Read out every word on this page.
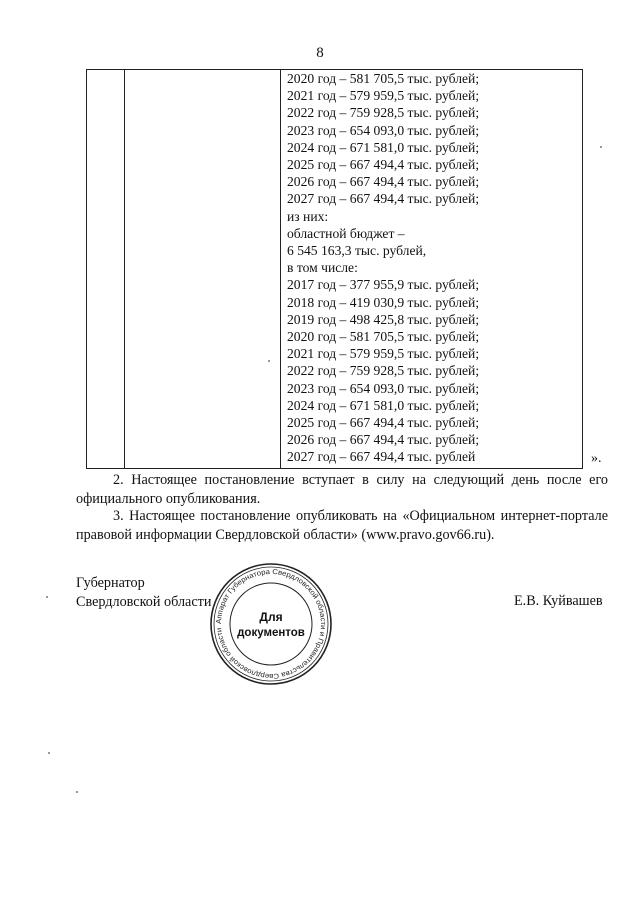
8

2020 год – 581 705,5 тыс. рублей;
2021 год – 579 959,5 тыс. рублей;
2022 год – 759 928,5 тыс. рублей;
2023 год – 654 093,0 тыс. рублей;
2024 год – 671 581,0 тыс. рублей;
2025 год – 667 494,4 тыс. рублей;
2026 год – 667 494,4 тыс. рублей;
2027 год – 667 494,4 тыс. рублей;
из них:
областной бюджет –
6 545 163,3 тыс. рублей,
в том числе:
2017 год – 377 955,9 тыс. рублей;
2018 год – 419 030,9 тыс. рублей;
2019 год – 498 425,8 тыс. рублей;
2020 год – 581 705,5 тыс. рублей;
2021 год – 579 959,5 тыс. рублей;
2022 год – 759 928,5 тыс. рублей;
2023 год – 654 093,0 тыс. рублей;
2024 год – 671 581,0 тыс. рублей;
2025 год – 667 494,4 тыс. рублей;
2026 год – 667 494,4 тыс. рублей;
2027 год – 667 494,4 тыс. рублей	».
2. Настоящее постановление вступает в силу на следующий день после его официального опубликования.
3. Настоящее постановление опубликовать на «Официальном интернет-портале правовой информации Свердловской области» (www.pravo.gov66.ru).
Губернатор
Свердловской области	Е.В. Куйвашев
Аппарат Губернатора Свердловской области и Правительства Свердловской области
Для
документов
